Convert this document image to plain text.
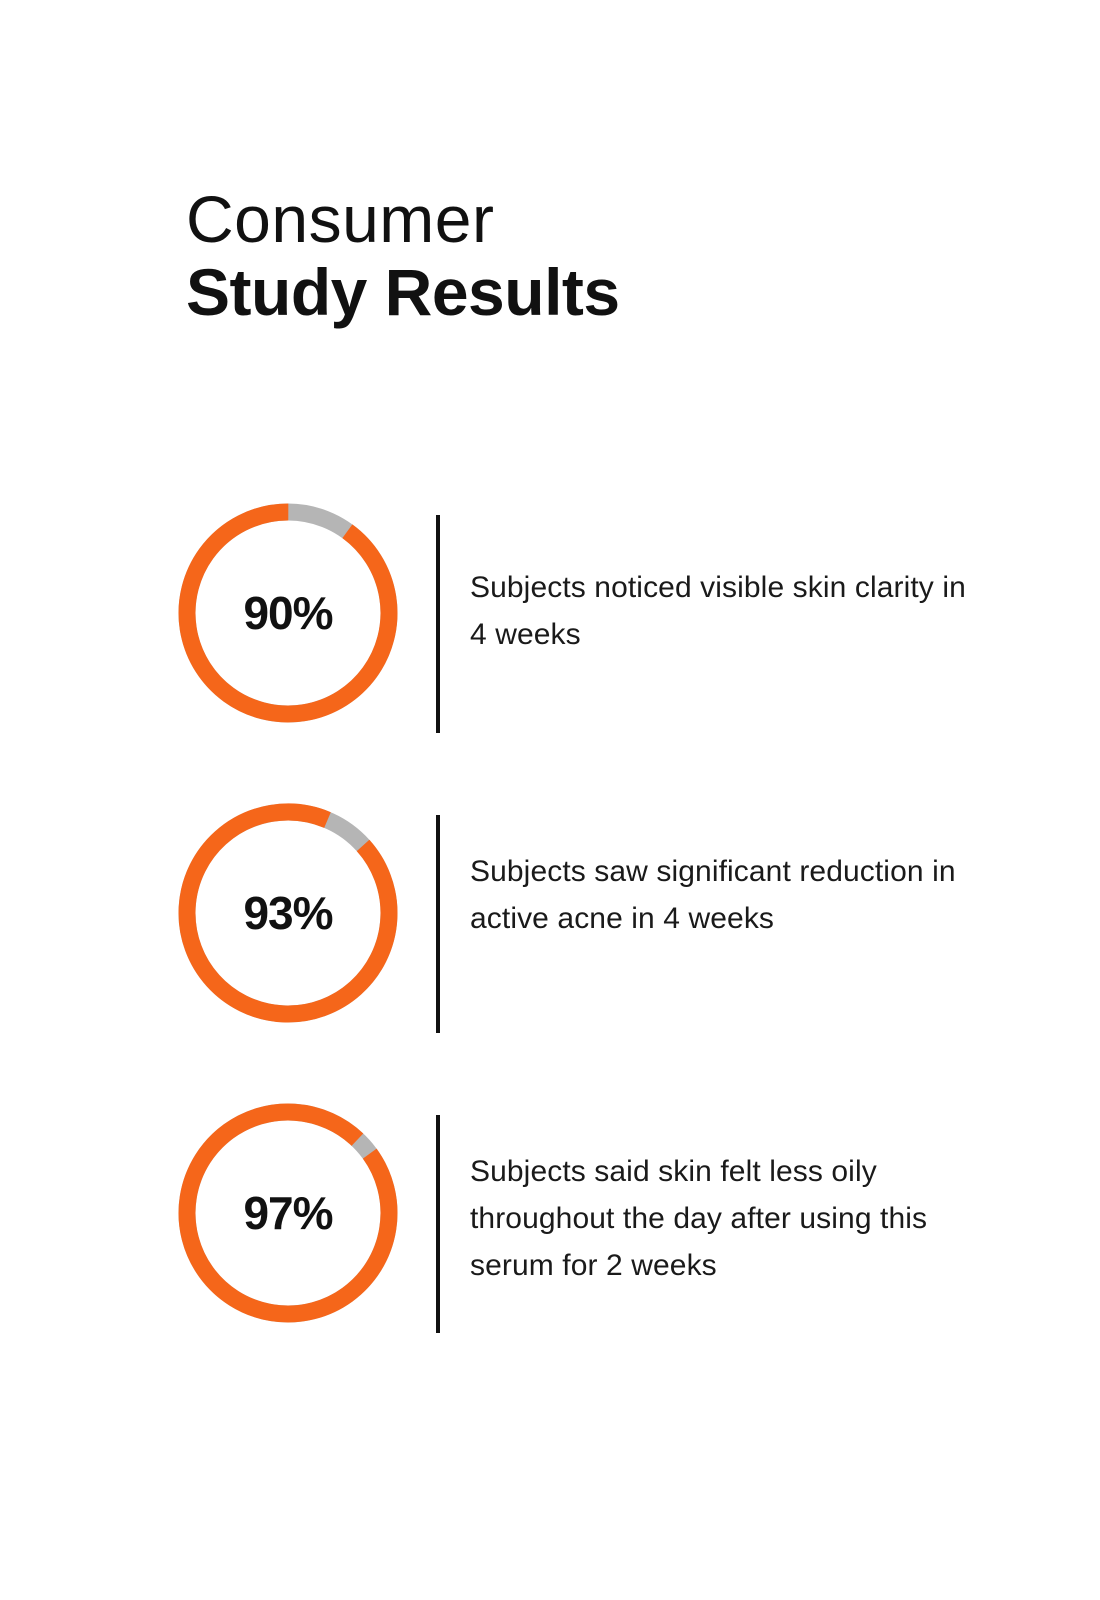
Consumer
Study Results
90%	Subjects noticed visible skin clarity in 4 weeks
93%
Subjects saw significant reduction in active acne in 4 weeks
97%
Subjects said skin felt less oily throughout the day after using this serum for 2 weeks
